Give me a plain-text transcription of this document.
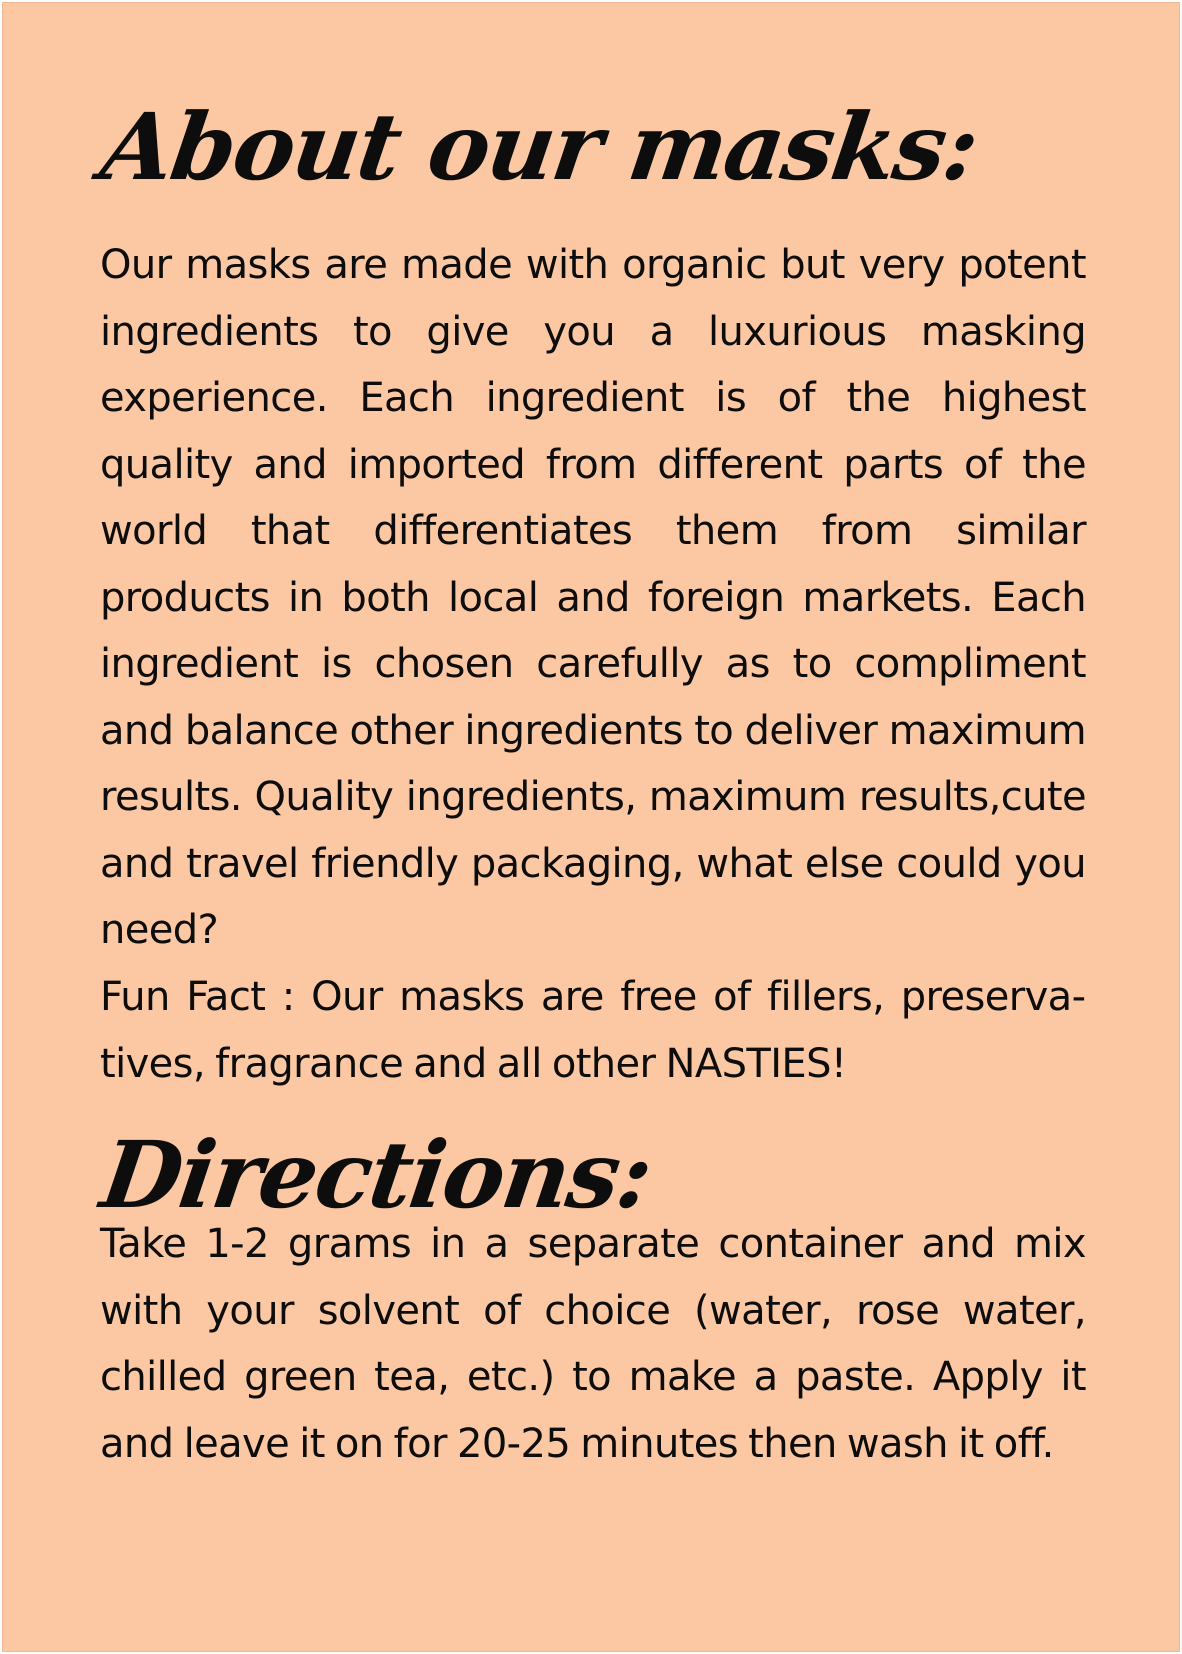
About our masks:

Our masks are made with organic but very potent ingredients to give you a luxurious masking experience. Each ingredient is of the highest quality and imported from different parts of the world that differentiates them from similar products in both local and foreign markets. Each ingredient is chosen carefully as to compliment and balance other ingredients to deliver maximum results. Quality ingredients, maximum results,cute and travel friendly packaging, what else could you need?

Fun Fact : Our masks are free of fillers, preservatives, fragrance and all other NASTIES!

Directions:

Take 1-2 grams in a separate container and mix with your solvent of choice (water, rose water, chilled green tea, etc.) to make a paste. Apply it and leave it on for 20-25 minutes then wash it off.
